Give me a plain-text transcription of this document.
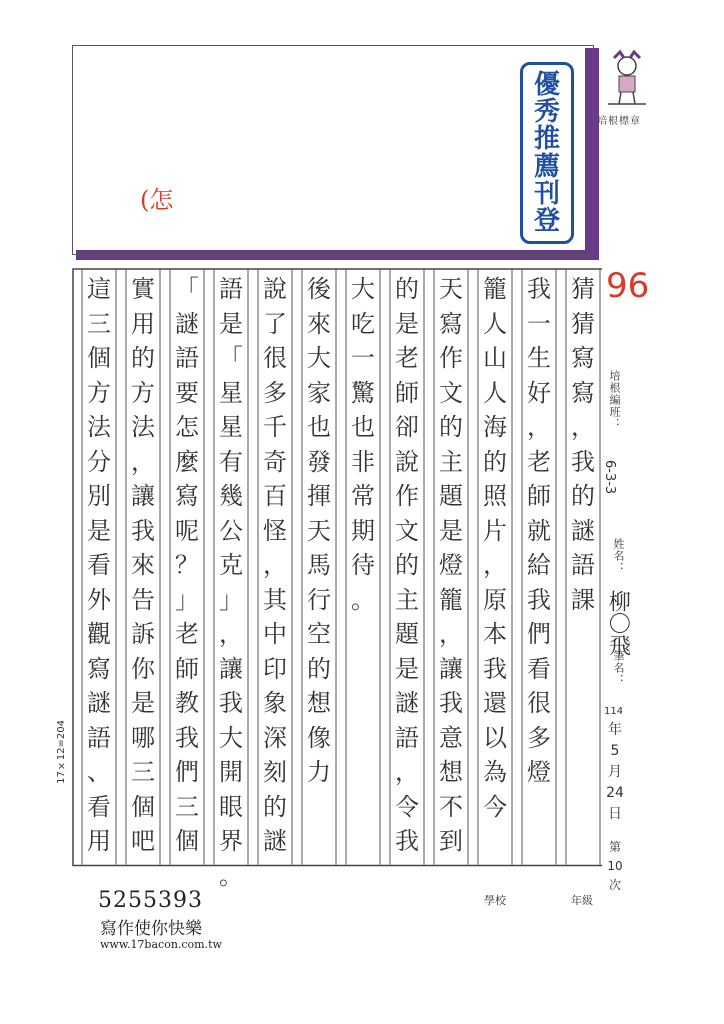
優
秀
推
薦
刊
登
(怎
培根標章
猜
猜
寫
寫
，
我
的
謎
語
課
我
一
生
好
，
老
師
就
給
我
們
看
很
多
燈
籠
人
山
人
海
的
照
片
，
原
本
我
還
以
為
今
天
寫
作
文
的
主
題
是
燈
籠
，
讓
我
意
想
不
到
的
是
老
師
卻
說
作
文
的
主
題
是
謎
語
，
令
我
大
吃
一
驚
也
非
常
期
待
。
後
來
大
家
也
發
揮
天
馬
行
空
的
想
像
力
說
了
很
多
千
奇
百
怪
，
其
中
印
象
深
刻
的
謎
語
是
「
星
星
有
幾
公
克
」
，
讓
我
大
開
眼
界
。
「
謎
語
要
怎
麼
寫
呢
？
」
老
師
教
我
們
三
個
實
用
的
方
法
，
讓
我
來
告
訴
你
是
哪
三
個
吧
這
三
個
方
法
分
別
是
看
外
觀
寫
謎
語
、
看
用
96
培根編班：
6-3-3
姓名：
柳〇飛
筆名：
114
年
5
月
24
日
第
10
次
17×12=204
學校	年級
5255393
寫作使你快樂
www.17bacon.com.tw
